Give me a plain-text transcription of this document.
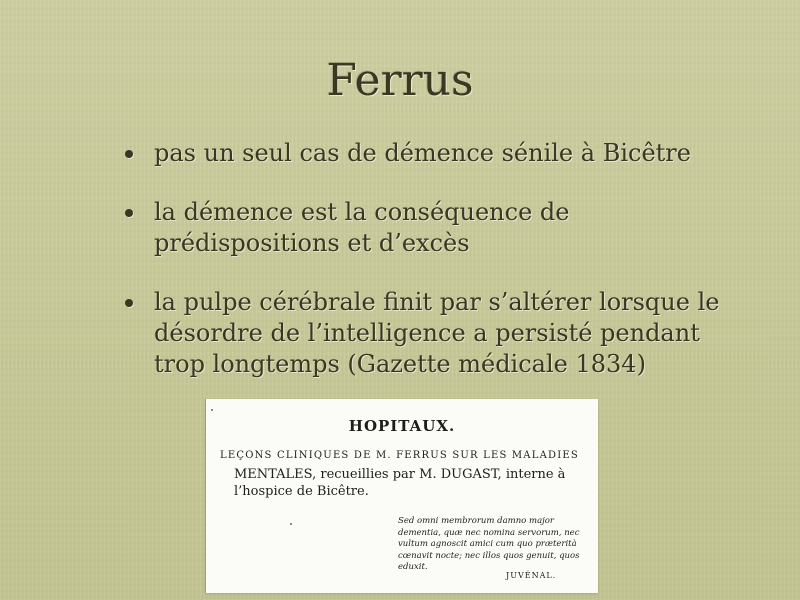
Ferrus
pas un seul cas de démence sénile à Bicêtre
la démence est la conséquence de prédispositions et d’excès
la pulpe cérébrale finit par s’altérer lorsque le désordre de l’intelligence a persisté pendant trop longtemps (Gazette médicale 1834)
HOPITAUX.
LEÇONS CLINIQUES DE M. FERRUS SUR LES MALADIES
MENTALES, recueillies par M. DUGAST, interne à
l’hospice de Bicêtre.
Sed omni membrorum damno major dementia, quæ nec nomina servorum, nec vultum agnoscit amici cum quo præterità cœnavit nocte; nec illos quos genuit, quos eduxit.
JUVÉNAL.
